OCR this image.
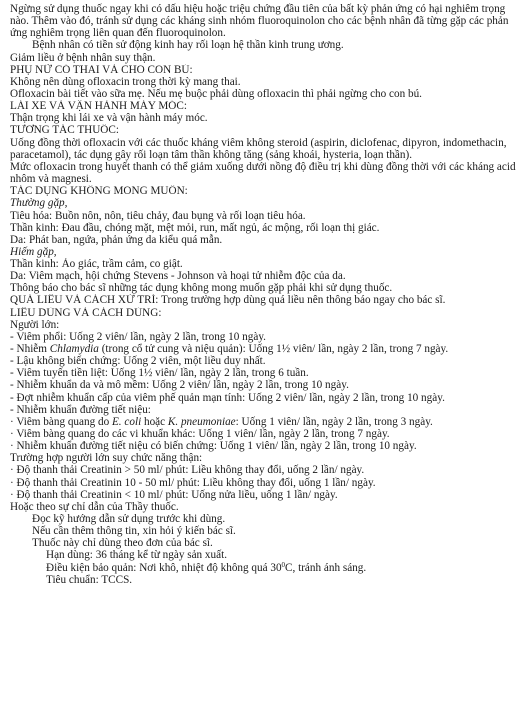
Ngừng sử dụng thuốc ngay khi có dấu hiệu hoặc triệu chứng đầu tiên của bất kỳ phản ứng có hại nghiêm trọng nào. Thêm vào đó, tránh sử dụng các kháng sinh nhóm fluoroquinolon cho các bệnh nhân đã từng gặp các phản ứng nghiêm trọng liên quan đến fluoroquinolon.
Bệnh nhân có tiền sử động kinh hay rối loạn hệ thần kinh trung ương.
Giảm liều ở bệnh nhân suy thận.
PHỤ NỮ CÓ THAI VÀ CHO CON BÚ:
Không nên dùng ofloxacin trong thời kỳ mang thai.
Ofloxacin bài tiết vào sữa mẹ. Nếu mẹ buộc phải dùng ofloxacin thì phải ngừng cho con bú.
LÁI XE VÀ VẬN HÀNH MÁY MÓC:
Thận trọng khi lái xe và vận hành máy móc.
TƯƠNG TÁC THUỐC:
Uống đồng thời ofloxacin với các thuốc kháng viêm không steroid (aspirin, diclofenac, dipyron, indomethacin, paracetamol), tác dụng gây rối loạn tâm thần không tăng (sảng khoái, hysteria, loạn thần).
Mức ofloxacin trong huyết thanh có thể giảm xuống dưới nồng độ điều trị khi dùng đồng thời với các kháng acid nhôm và magnesi.
TÁC DỤNG KHÔNG MONG MUỐN:
Thường gặp,
Tiêu hóa: Buồn nôn, nôn, tiêu chảy, đau bụng và rối loạn tiêu hóa.
Thần kinh: Đau đầu, chóng mặt, mệt mỏi, run, mất ngủ, ác mộng, rối loạn thị giác.
Da: Phát ban, ngứa, phản ứng da kiểu quá mẫn.
Hiếm gặp,
Thần kinh: Ảo giác, trầm cảm, co giật.
Da: Viêm mạch, hội chứng Stevens - Johnson và hoại tử nhiễm độc của da.
Thông báo cho bác sĩ những tác dụng không mong muốn gặp phải khi sử dụng thuốc.
QUÁ LIỀU VÀ CÁCH XỬ TRÍ: Trong trường hợp dùng quá liều nên thông báo ngay cho bác sĩ.
LIỀU DÙNG VÀ CÁCH DÙNG:
Người lớn:
- Viêm phổi: Uống 2 viên/ lần, ngày 2 lần, trong 10 ngày.
- Nhiễm Chlamydia (trong cổ tử cung và niệu quản): Uống 1½ viên/ lần, ngày 2 lần, trong 7 ngày.
- Lậu không biến chứng: Uống 2 viên, một liều duy nhất.
- Viêm tuyến tiền liệt: Uống 1½ viên/ lần, ngày 2 lần, trong 6 tuần.
- Nhiễm khuẩn da và mô mềm: Uống 2 viên/ lần, ngày 2 lần, trong 10 ngày.
- Đợt nhiễm khuẩn cấp của viêm phế quản mạn tính: Uống 2 viên/ lần, ngày 2 lần, trong 10 ngày.
- Nhiễm khuẩn đường tiết niệu:
· Viêm bàng quang do E. coli hoặc K. pneumoniae: Uống 1 viên/ lần, ngày 2 lần, trong 3 ngày.
· Viêm bàng quang do các vi khuẩn khác: Uống 1 viên/ lần, ngày 2 lần, trong 7 ngày.
· Nhiễm khuẩn đường tiết niệu có biến chứng: Uống 1 viên/ lần, ngày 2 lần, trong 10 ngày.
Trường hợp người lớn suy chức năng thận:
· Độ thanh thải Creatinin > 50 ml/ phút: Liều không thay đổi, uống 2 lần/ ngày.
· Độ thanh thải Creatinin 10 - 50 ml/ phút: Liều không thay đổi, uống 1 lần/ ngày.
· Độ thanh thải Creatinin < 10 ml/ phút: Uống nửa liều, uống 1 lần/ ngày.
Hoặc theo sự chỉ dẫn của Thầy thuốc.
Đọc kỹ hướng dẫn sử dụng trước khi dùng.
Nếu cần thêm thông tin, xin hỏi ý kiến bác sĩ.
Thuốc này chỉ dùng theo đơn của bác sĩ.
Hạn dùng: 36 tháng kể từ ngày sản xuất.
Điều kiện bảo quản: Nơi khô, nhiệt độ không quá $30^0C$, tránh ánh sáng.
Tiêu chuẩn: TCCS.
